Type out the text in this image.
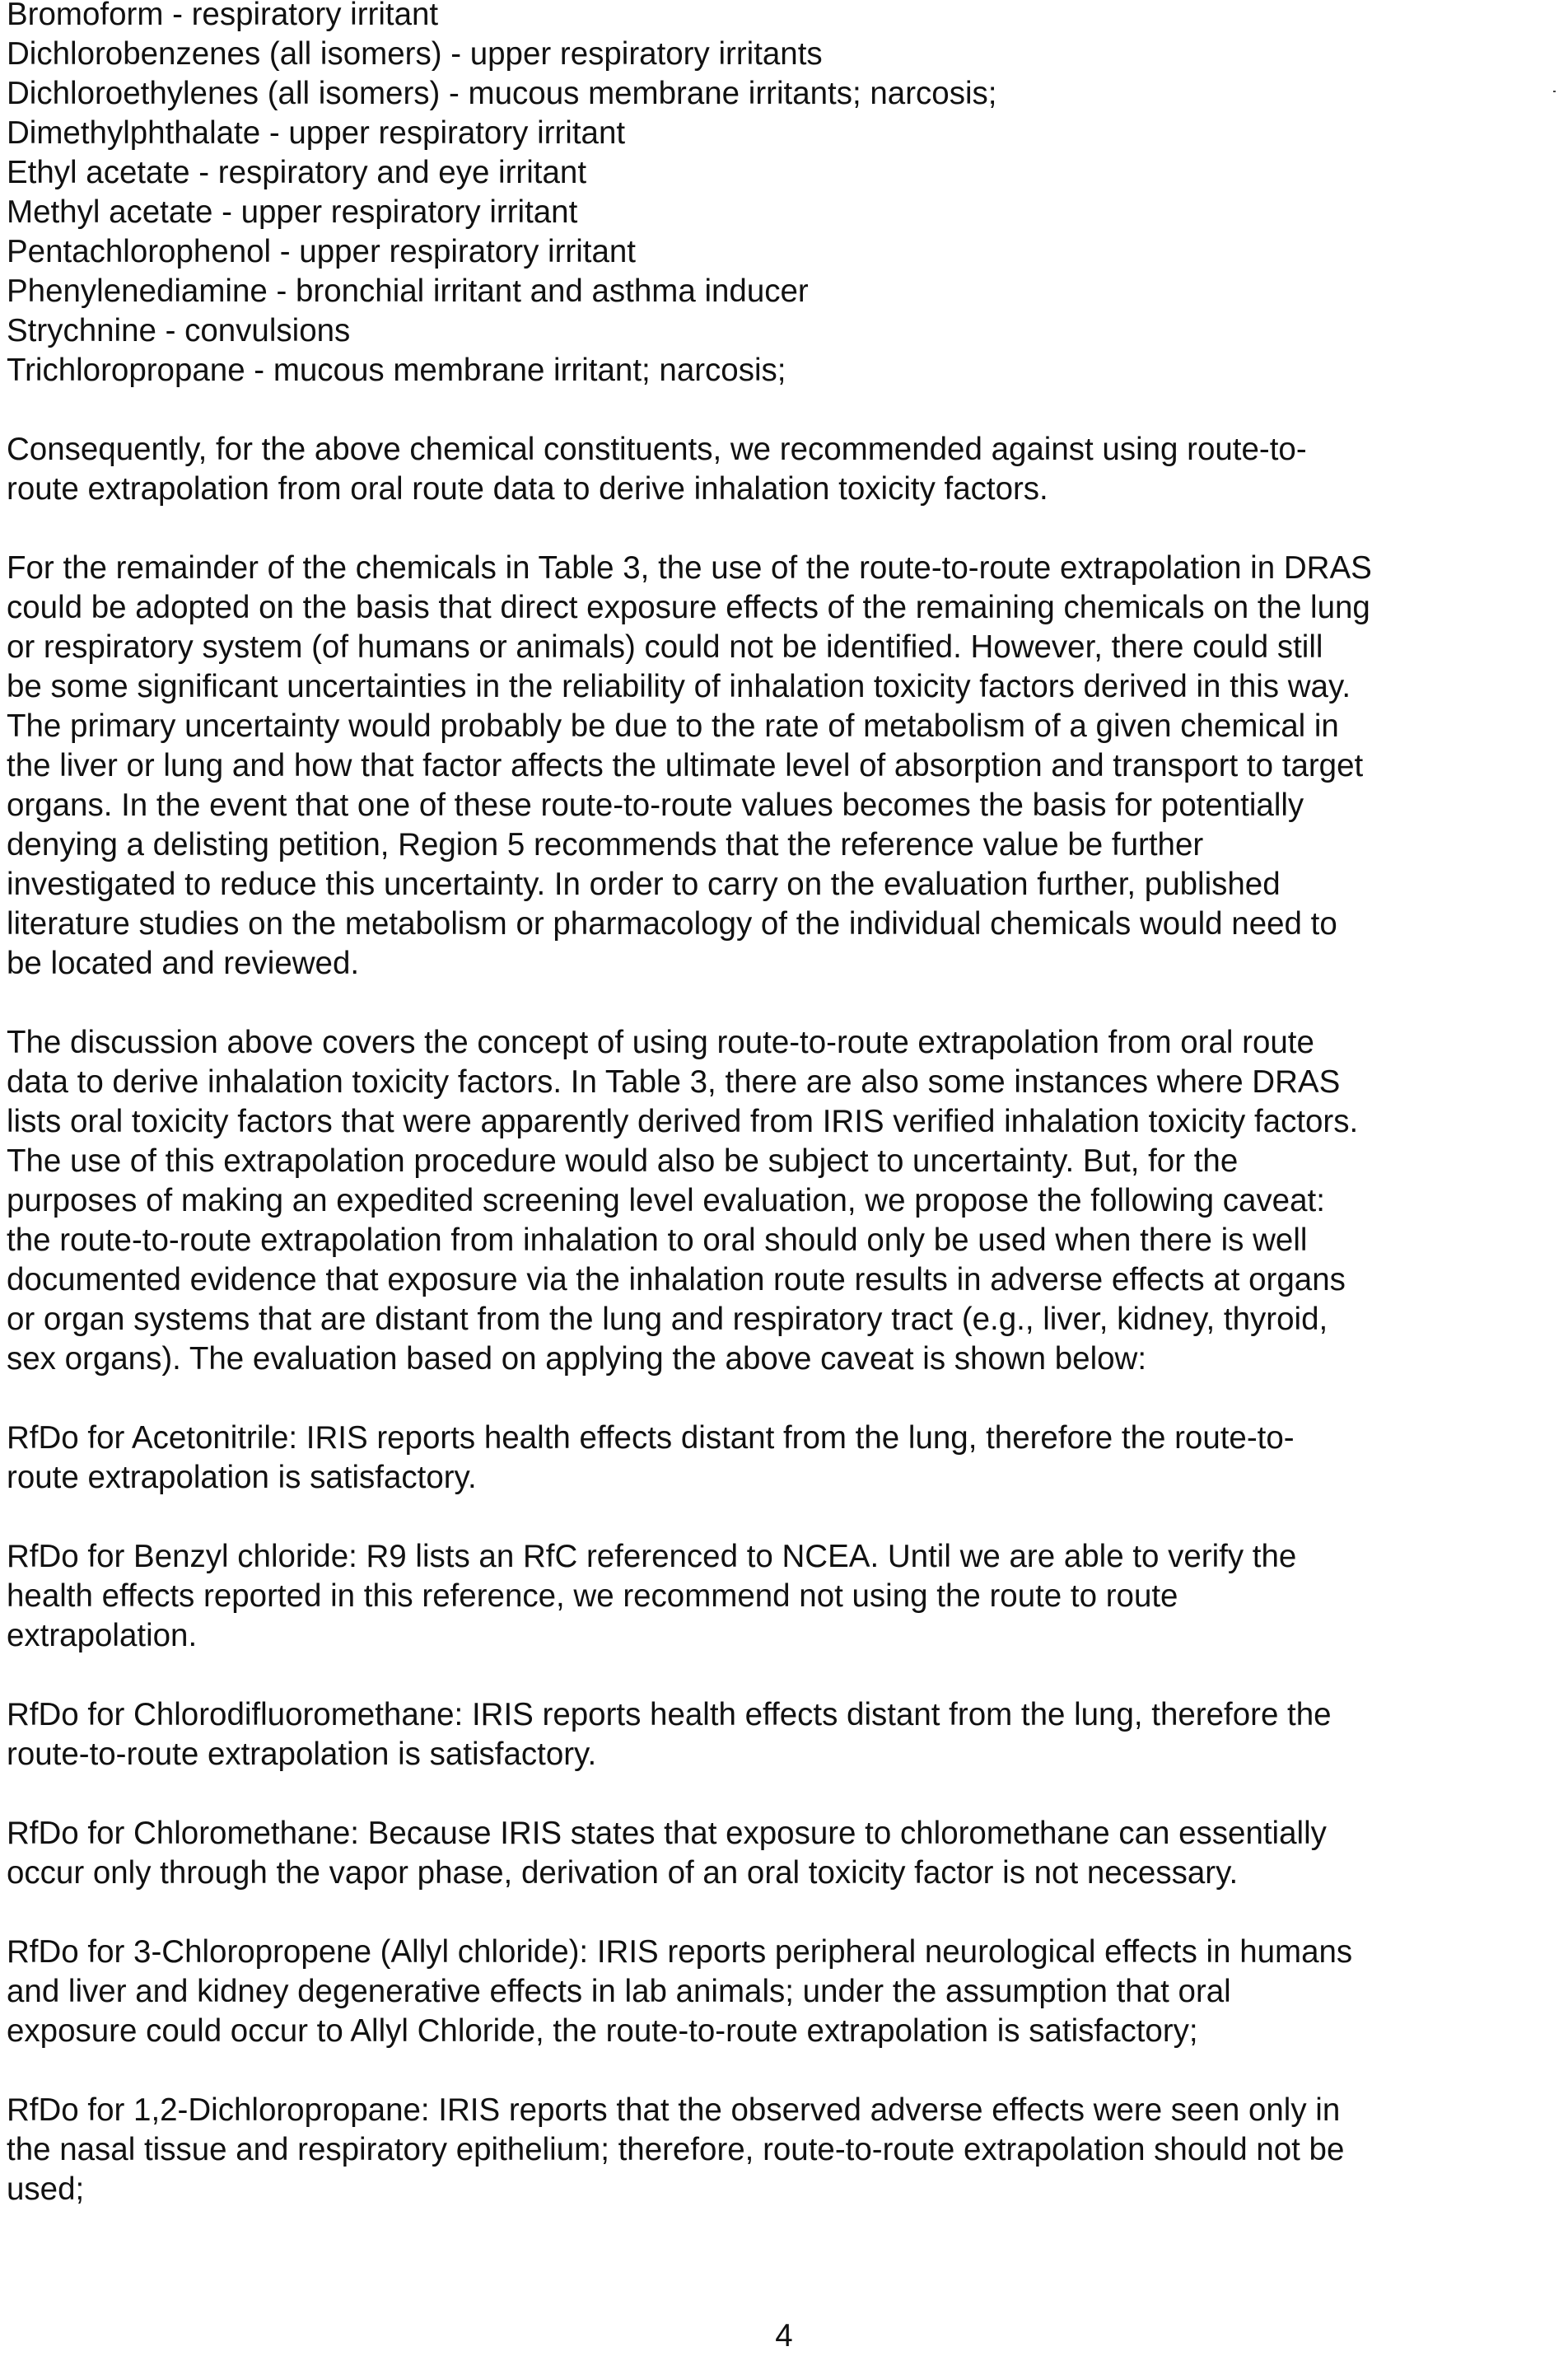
Bromoform - respiratory irritant
Dichlorobenzenes (all isomers) - upper respiratory irritants
Dichloroethylenes (all isomers) - mucous membrane irritants; narcosis;
Dimethylphthalate - upper respiratory irritant
Ethyl acetate - respiratory and eye irritant
Methyl acetate - upper respiratory irritant
Pentachlorophenol - upper respiratory irritant
Phenylenediamine - bronchial irritant and asthma inducer
Strychnine - convulsions
Trichloropropane - mucous membrane irritant; narcosis;
Consequently, for the above chemical constituents, we recommended against using route-to-
route extrapolation from oral route data to derive inhalation toxicity factors.
For the remainder of the chemicals in Table 3, the use of the route-to-route extrapolation in DRAS
could be adopted on the basis that direct exposure effects of the remaining chemicals on the lung
or respiratory system (of humans or animals) could not be identified. However, there could still
be some significant uncertainties in the reliability of inhalation toxicity factors derived in this way.
The primary uncertainty would probably be due to the rate of metabolism of a given chemical in
the liver or lung and how that factor affects the ultimate level of absorption and transport to target
organs. In the event that one of these route-to-route values becomes the basis for potentially
denying a delisting petition, Region 5 recommends that the reference value be further
investigated to reduce this uncertainty. In order to carry on the evaluation further, published
literature studies on the metabolism or pharmacology of the individual chemicals would need to
be located and reviewed.
The discussion above covers the concept of using route-to-route extrapolation from oral route
data to derive inhalation toxicity factors. In Table 3, there are also some instances where DRAS
lists oral toxicity factors that were apparently derived from IRIS verified inhalation toxicity factors.
The use of this extrapolation procedure would also be subject to uncertainty. But, for the
purposes of making an expedited screening level evaluation, we propose the following caveat:
the route-to-route extrapolation from inhalation to oral should only be used when there is well
documented evidence that exposure via the inhalation route results in adverse effects at organs
or organ systems that are distant from the lung and respiratory tract (e.g., liver, kidney, thyroid,
sex organs). The evaluation based on applying the above caveat is shown below:
RfDo for Acetonitrile: IRIS reports health effects distant from the lung, therefore the route-to-
route extrapolation is satisfactory.
RfDo for Benzyl chloride: R9 lists an RfC referenced to NCEA. Until we are able to verify the
health effects reported in this reference, we recommend not using the route to route
extrapolation.
RfDo for Chlorodifluoromethane: IRIS reports health effects distant from the lung, therefore the
route-to-route extrapolation is satisfactory.
RfDo for Chloromethane: Because IRIS states that exposure to chloromethane can essentially
occur only through the vapor phase, derivation of an oral toxicity factor is not necessary.
RfDo for 3-Chloropropene (Allyl chloride): IRIS reports peripheral neurological effects in humans
and liver and kidney degenerative effects in lab animals; under the assumption that oral
exposure could occur to Allyl Chloride, the route-to-route extrapolation is satisfactory;
RfDo for 1,2-Dichloropropane: IRIS reports that the observed adverse effects were seen only in
the nasal tissue and respiratory epithelium; therefore, route-to-route extrapolation should not be
used;
4
